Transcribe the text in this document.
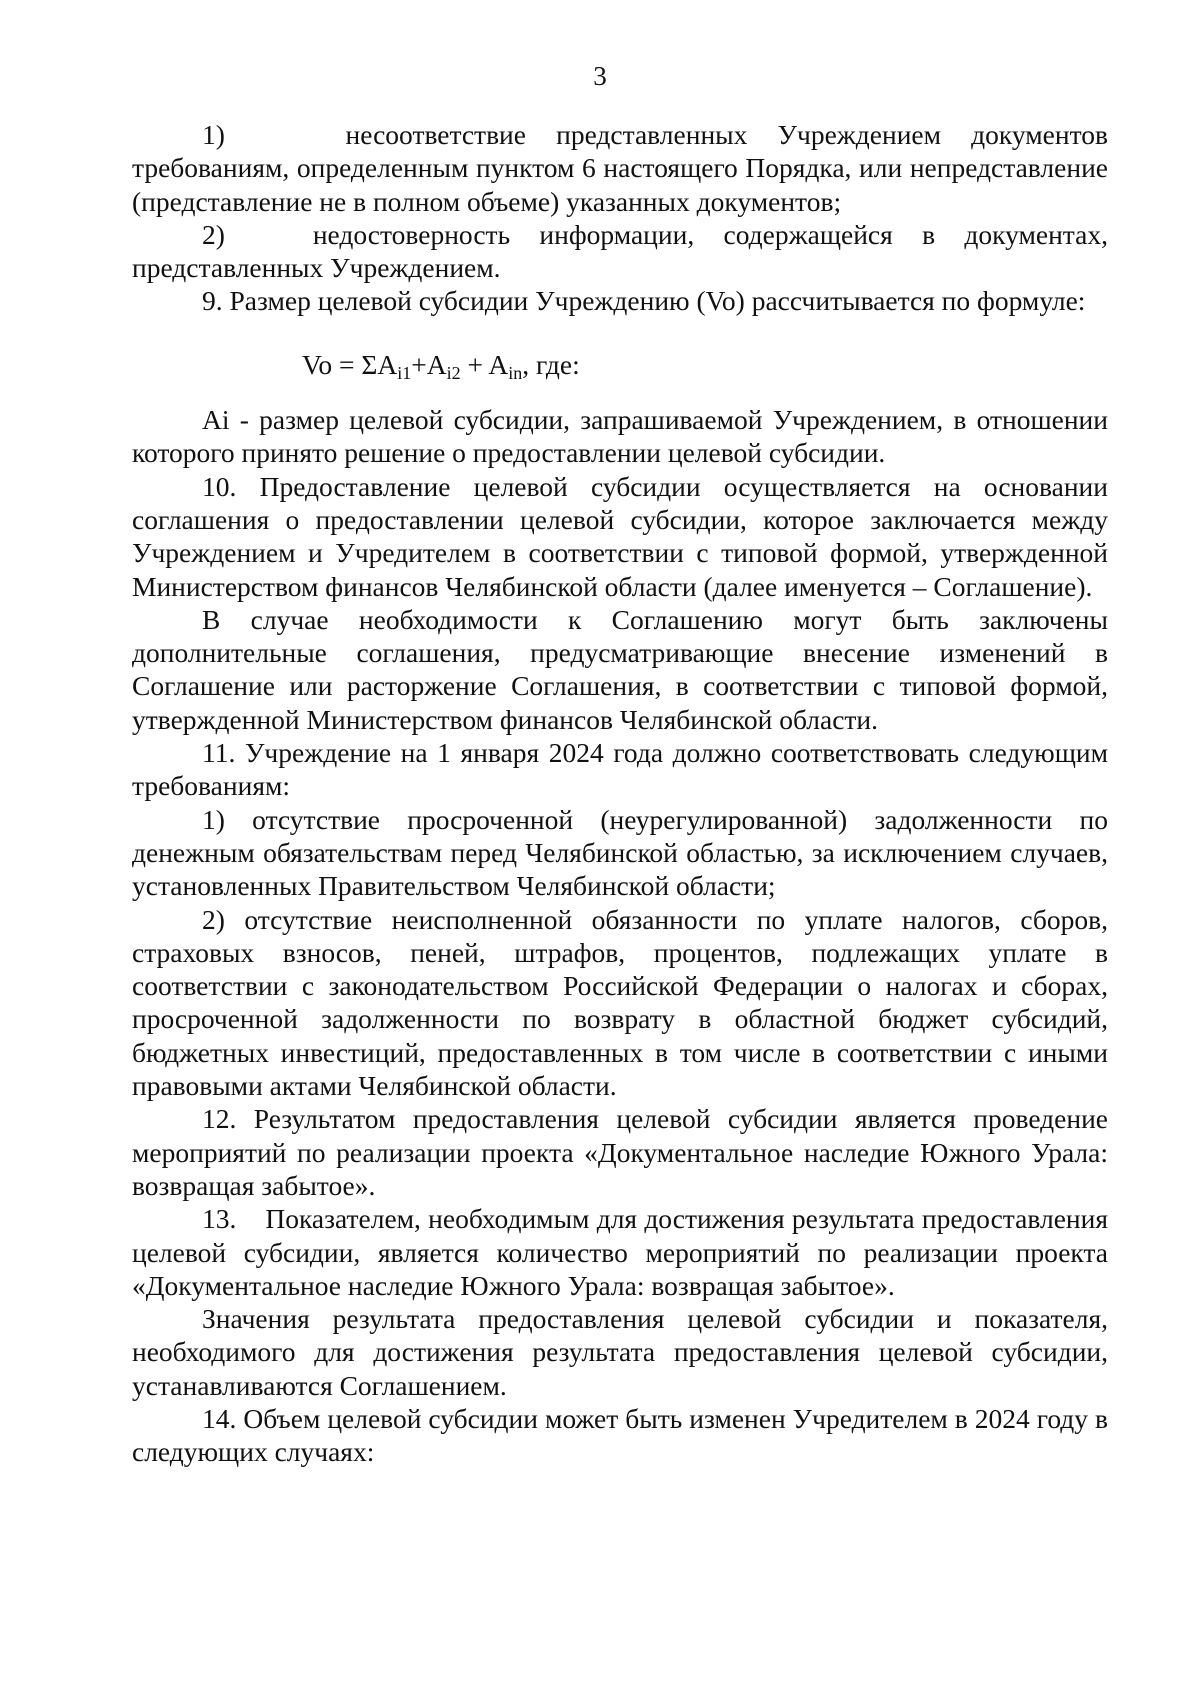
3

1)    несоответствие представленных Учреждением документов требованиям, определенным пунктом 6 настоящего Порядка, или непредставление (представление не в полном объеме) указанных документов;

2)   недостоверность информации, содержащейся в документах, представленных Учреждением.

9. Размер целевой субсидии Учреждению (Vo) рассчитывается по формуле:

$Vo = \Sigma A_{i1}+A_{i2} + A_{in}$, где:

Ai - размер целевой субсидии, запрашиваемой Учреждением, в отношении которого принято решение о предоставлении целевой субсидии.

10. Предоставление целевой субсидии осуществляется на основании соглашения о предоставлении целевой субсидии, которое заключается между Учреждением и Учредителем в соответствии с типовой формой, утвержденной Министерством финансов Челябинской области (далее именуется – Соглашение).

В случае необходимости к Соглашению могут быть заключены дополнительные соглашения, предусматривающие внесение изменений в Соглашение или расторжение Соглашения, в соответствии с типовой формой, утвержденной Министерством финансов Челябинской области.

11. Учреждение на 1 января 2024 года должно соответствовать следующим требованиям:

1) отсутствие просроченной (неурегулированной) задолженности по денежным обязательствам перед Челябинской областью, за исключением случаев, установленных Правительством Челябинской области;

2) отсутствие неисполненной обязанности по уплате налогов, сборов, страховых взносов, пеней, штрафов, процентов, подлежащих уплате в соответствии с законодательством Российской Федерации о налогах и сборах, просроченной задолженности по возврату в областной бюджет субсидий, бюджетных инвестиций, предоставленных в том числе в соответствии с иными правовыми актами Челябинской области.

12. Результатом предоставления целевой субсидии является проведение мероприятий по реализации проекта «Документальное наследие Южного Урала: возвращая забытое».

13.    Показателем, необходимым для достижения результата предоставления целевой субсидии, является количество мероприятий по реализации проекта «Документальное наследие Южного Урала: возвращая забытое».

Значения результата предоставления целевой субсидии и показателя, необходимого для достижения результата предоставления целевой субсидии, устанавливаются Соглашением.

14. Объем целевой субсидии может быть изменен Учредителем в 2024 году в следующих случаях:
